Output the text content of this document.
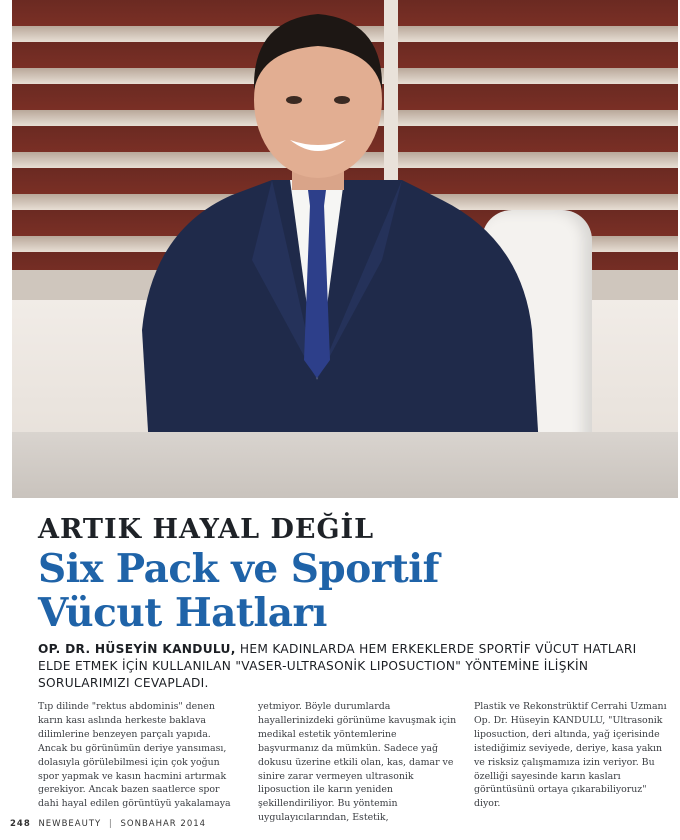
ARTIK HAYAL DEĞİL
Six Pack ve Sportif
Vücut Hatları

OP. DR. HÜSEYİN KANDULU, HEM KADINLARDA HEM ERKEKLERDE SPORTİF VÜCUT HATLARI ELDE ETMEK İÇİN KULLANILAN "VASER-ULTRASONİK LIPOSUCTION" YÖNTEMİNE İLİŞKİN SORULARIMIZI CEVAPLADI.

Tıp dilinde "rektus abdominis" denen karın kası aslında herkeste baklava dilimlerine benzeyen parçalı yapıda. Ancak bu görünümün deriye yansıması, dolasıyla görülebilmesi için çok yoğun spor yapmak ve kasın hacmini artırmak gerekiyor. Ancak bazen saatlerce spor dahi hayal edilen görüntüyü yakalamaya

yetmiyor. Böyle durumlarda hayallerinizdeki görünüme kavuşmak için medikal estetik yöntemlerine başvurmanız da mümkün. Sadece yağ dokusu üzerine etkili olan, kas, damar ve sinire zarar vermeyen ultrasonik liposuction ile karın yeniden şekillendiriliyor. Bu yöntemin uygulayıcılarından, Estetik,

Plastik ve Rekonstrüktif Cerrahi Uzmanı Op. Dr. Hüseyin KANDULU, "Ultrasonik liposuction, deri altında, yağ içerisinde istediğimiz seviyede, deriye, kasa yakın ve risksiz çalışmamıza izin veriyor. Bu özelliği sayesinde karın kasları görüntüsünü ortaya çıkarabiliyoruz" diyor.

248 NEWBEAUTY | SONBAHAR 2014
